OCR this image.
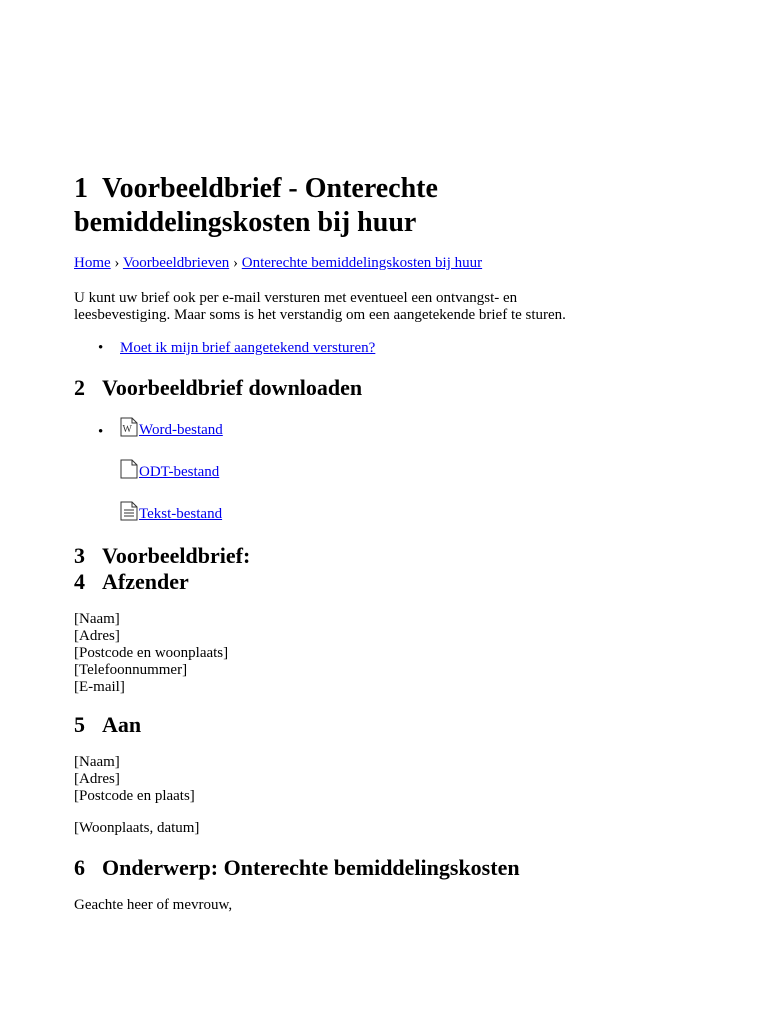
1 Voorbeeldbrief - Onterechte bemiddelingskosten bij huur
Home › Voorbeeldbrieven › Onterechte bemiddelingskosten bij huur
U kunt uw brief ook per e-mail versturen met eventueel een ontvangst- en
leesbevestiging. Maar soms is het verstandig om een aangetekende brief te sturen.
• Moet ik mijn brief aangetekend versturen?
2 Voorbeeldbrief downloaden
• W Word-bestand
ODT-bestand
Tekst-bestand
3 Voorbeeldbrief:
4 Afzender
[Naam]
[Adres]
[Postcode en woonplaats]
[Telefoonnummer]
[E-mail]
5 Aan
[Naam]
[Adres]
[Postcode en plaats]
[Woonplaats, datum]
6 Onderwerp: Onterechte bemiddelingskosten
Geachte heer of mevrouw,
